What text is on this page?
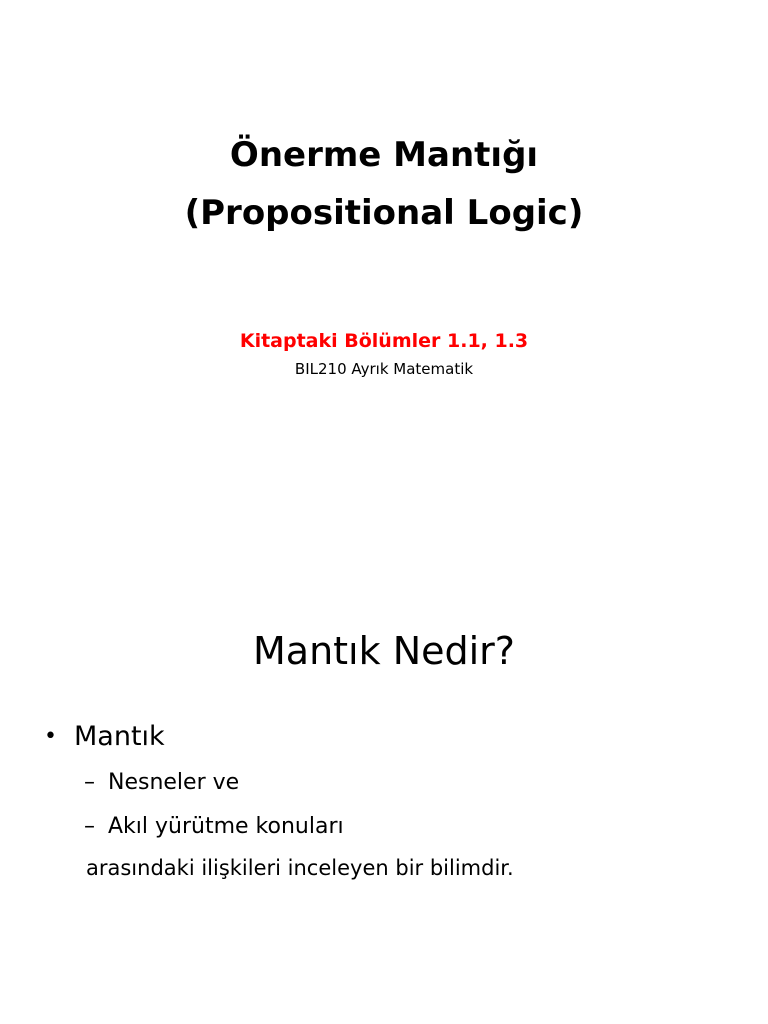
Önerme Mantığı
(Propositional Logic)
Kitaptaki Bölümler 1.1, 1.3
BIL210 Ayrık Matematik
Mantık Nedir?
• Mantık
– Nesneler ve
– Akıl yürütme konuları
arasındaki ilişkileri inceleyen bir bilimdir.
